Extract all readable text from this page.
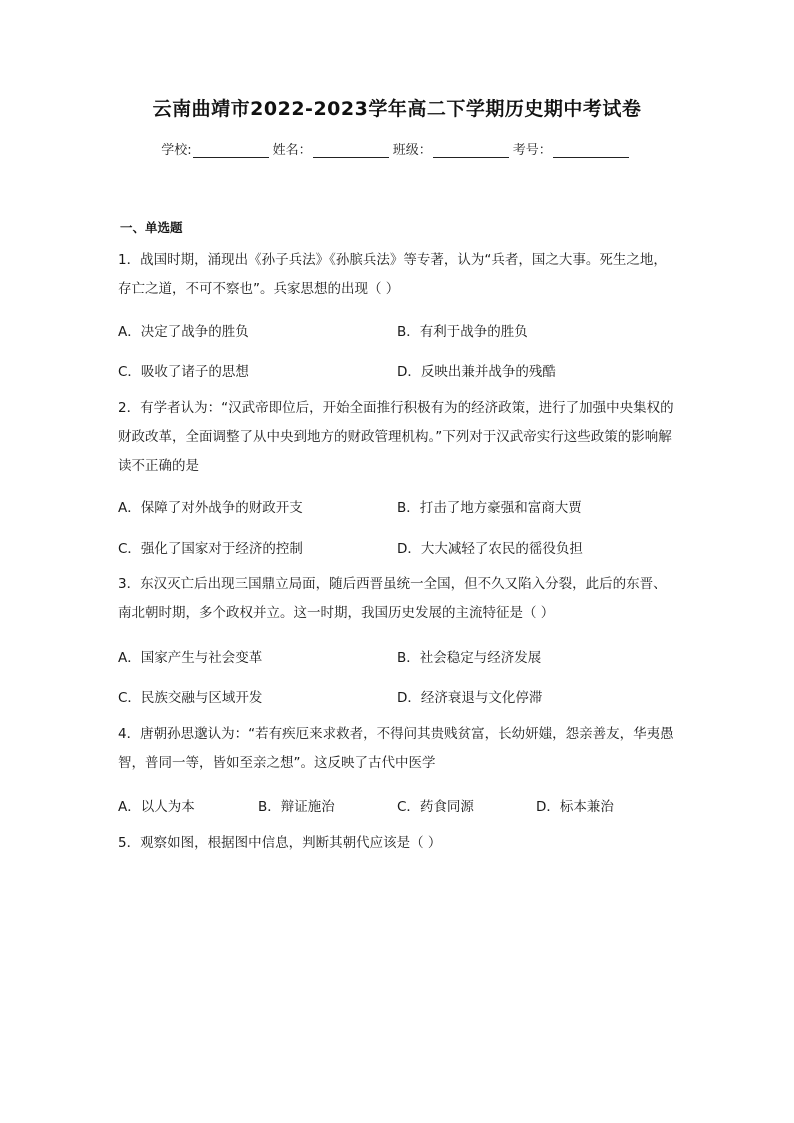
云南曲靖市2022-2023学年高二下学期历史期中考试卷
学校:	姓名：	班级：	考号：
一、单选题
1．战国时期，涌现出《孙子兵法》《孙膑兵法》等专著，认为“兵者，国之大事。死生之地，存亡之道，不可不察也”。兵家思想的出现（ ）
A．决定了战争的胜负	B．有利于战争的胜负
C．吸收了诸子的思想	D．反映出兼并战争的残酷
2．有学者认为：“汉武帝即位后，开始全面推行积极有为的经济政策，进行了加强中央集权的财政改革，全面调整了从中央到地方的财政管理机构。”下列对于汉武帝实行这些政策的影响解读不正确的是
A．保障了对外战争的财政开支	B．打击了地方豪强和富商大贾
C．强化了国家对于经济的控制	D．大大减轻了农民的徭役负担
3．东汉灭亡后出现三国鼎立局面，随后西晋虽统一全国，但不久又陷入分裂，此后的东晋、南北朝时期，多个政权并立。这一时期，我国历史发展的主流特征是（ ）
A．国家产生与社会变革	B．社会稳定与经济发展
C．民族交融与区域开发	D．经济衰退与文化停滞
4．唐朝孙思邈认为：“若有疾厄来求救者，不得问其贵贱贫富，长幼妍媸，怨亲善友，华夷愚智，普同一等，皆如至亲之想”。这反映了古代中医学
A．以人为本	B．辩证施治	C．药食同源	D．标本兼治
5．观察如图，根据图中信息，判断其朝代应该是（ ）
